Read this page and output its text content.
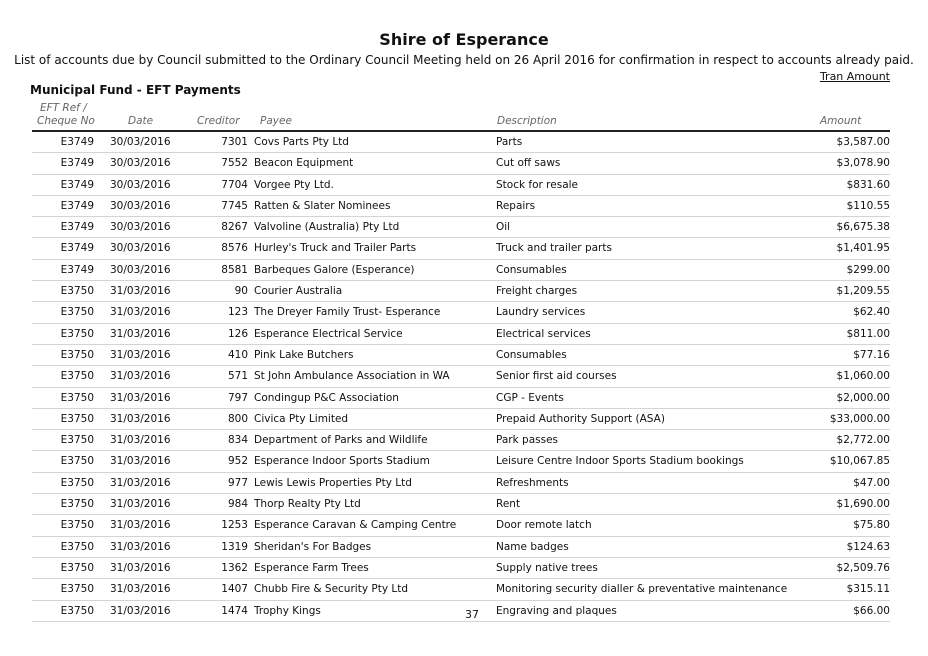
Shire of Esperance
List of accounts due by Council submitted to the Ordinary Council Meeting held on 26 April 2016 for confirmation in respect to accounts already paid.
Tran Amount
Municipal Fund - EFT Payments
EFT Ref /
Cheque No	Date	Creditor Payee	Description	Amount
E3749 30/03/2016	7301 Covs Parts Pty Ltd	Parts	$3,587.00
E3749 30/03/2016	7552 Beacon Equipment	Cut off saws	$3,078.90
E3749 30/03/2016	7704 Vorgee Pty Ltd.	Stock for resale	$831.60
E3749 30/03/2016	7745 Ratten & Slater Nominees	Repairs	$110.55
E3749 30/03/2016	8267 Valvoline (Australia) Pty Ltd	Oil	$6,675.38
E3749 30/03/2016	8576 Hurley's Truck and Trailer Parts	Truck and trailer parts	$1,401.95
E3749 30/03/2016	8581 Barbeques Galore (Esperance)	Consumables	$299.00
E3750 31/03/2016	90 Courier Australia	Freight charges	$1,209.55
E3750 31/03/2016	123 The Dreyer Family Trust- Esperance	Laundry services	$62.40
E3750 31/03/2016	126 Esperance Electrical Service	Electrical services	$811.00
E3750 31/03/2016	410 Pink Lake Butchers	Consumables	$77.16
E3750 31/03/2016	571 St John Ambulance Association in WA	Senior first aid courses	$1,060.00
E3750 31/03/2016	797 Condingup P&C Association	CGP - Events	$2,000.00
E3750 31/03/2016	800 Civica Pty Limited	Prepaid Authority Support (ASA)	$33,000.00
E3750 31/03/2016	834 Department of Parks and Wildlife	Park passes	$2,772.00
E3750 31/03/2016	952 Esperance Indoor Sports Stadium	Leisure Centre Indoor Sports Stadium bookings	$10,067.85
E3750 31/03/2016	977 Lewis Lewis Properties Pty Ltd	Refreshments	$47.00
E3750 31/03/2016	984 Thorp Realty Pty Ltd	Rent	$1,690.00
E3750 31/03/2016	1253 Esperance Caravan & Camping Centre	Door remote latch	$75.80
E3750 31/03/2016	1319 Sheridan's For Badges	Name badges	$124.63
E3750 31/03/2016	1362 Esperance Farm Trees	Supply native trees	$2,509.76
E3750 31/03/2016	1407 Chubb Fire & Security Pty Ltd	Monitoring security dialler & preventative maintenance	$315.11
E3750 31/03/2016	1474 Trophy Kings	Engraving and plaques	$66.00
37
